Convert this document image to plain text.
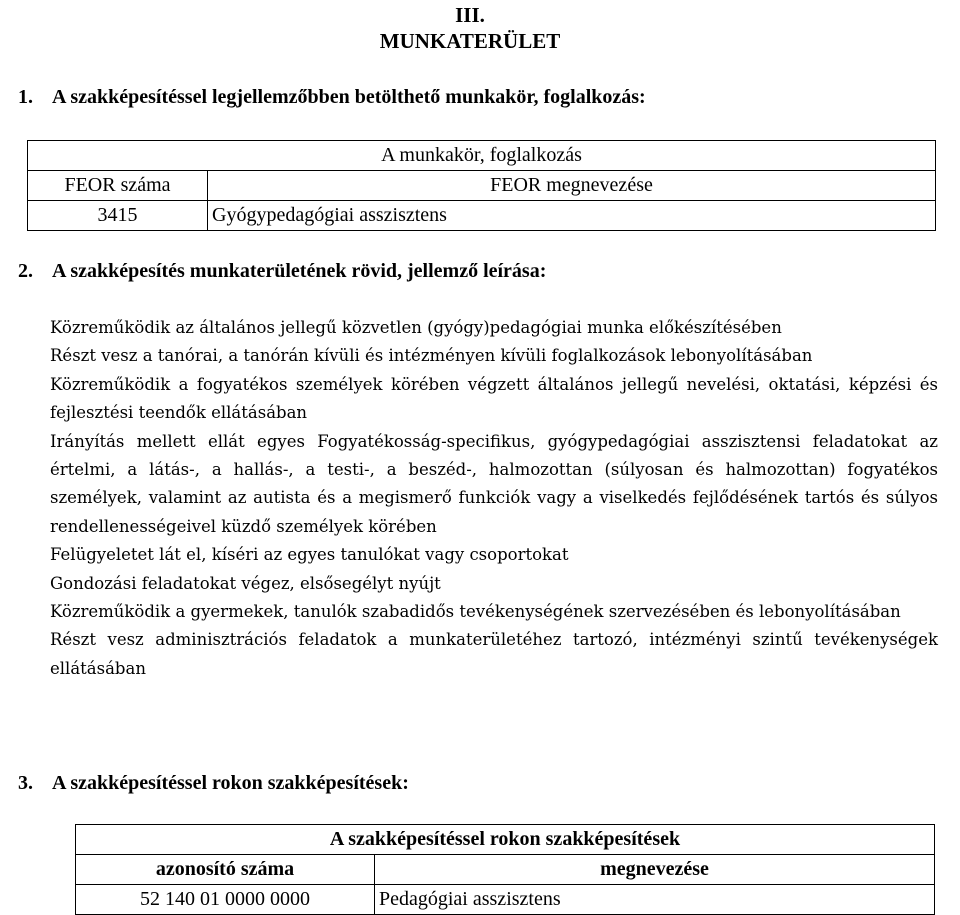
III.
MUNKATERÜLET
1. A szakképesítéssel legjellemzőbben betölthető munkakör, foglalkozás:
A munkakör, foglalkozás	
FEOR száma	FEOR megnevezése
3415	Gyógypedagógiai asszisztens
2. A szakképesítés munkaterületének rövid, jellemző leírása:

Közreműködik az általános jellegű közvetlen (gyógy)pedagógiai munka előkészítésében

Részt vesz a tanórai, a tanórán kívüli és intézményen kívüli foglalkozások lebonyolításában

Közreműködik a fogyatékos személyek körében végzett általános jellegű nevelési, oktatási, képzési és fejlesztési teendők ellátásában

Irányítás mellett ellát egyes Fogyatékosság-specifikus, gyógypedagógiai asszisztensi feladatokat az értelmi, a látás-, a hallás-, a testi-, a beszéd-, halmozottan (súlyosan és halmozottan) fogyatékos személyek, valamint az autista és a megismerő funkciók vagy a viselkedés fejlődésének tartós és súlyos rendellenességeivel küzdő személyek körében

Felügyeletet lát el, kíséri az egyes tanulókat vagy csoportokat

Gondozási feladatokat végez, elsősegélyt nyújt

Közreműködik a gyermekek, tanulók szabadidős tevékenységének szervezésében és lebonyolításában

Részt vesz adminisztrációs feladatok a munkaterületéhez tartozó, intézményi szintű tevékenységek ellátásában

3. A szakképesítéssel rokon szakképesítések:
A szakképesítéssel rokon szakképesítések	
azonosító száma	megnevezése
52 140 01 0000 0000	Pedagógiai asszisztens
